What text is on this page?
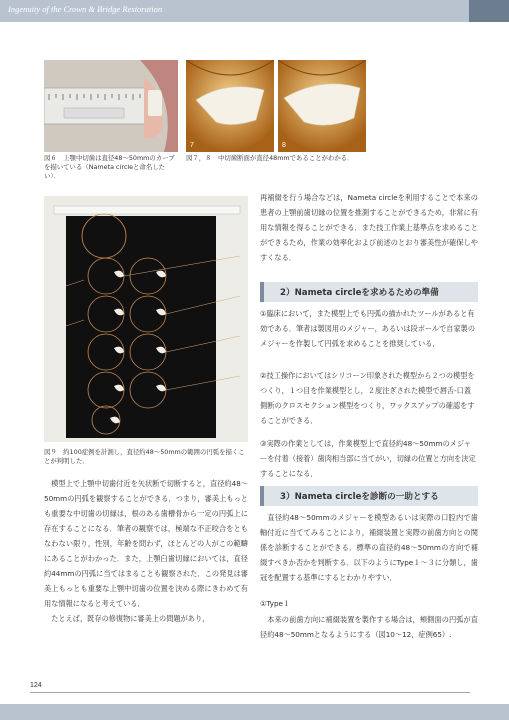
Ingenuity of the Crown & Bridge Restoration
7	8
図６　上顎中切歯は直径48～50mmのカーブを描いている（Nameta circleと命名したい）．
図７，８　中切歯断面が直径48mmであることがわかる．
図９　約100症例を計測し，直径約48～50mmの範囲の円弧を描くことが判明した．

　模型上で上顎中切歯付近を矢状断で切断すると，直径約48～50mmの円弧を観察することができる．つまり，審美上もっとも重要な中切歯の切縁は，根のある歯槽骨から一定の円弧上に存在することになる．筆者の観察では，極端な不正咬合をともなわない限り，性別，年齢を問わず，ほとんどの人がこの範疇にあることがわかった．また，上顎臼歯切縁においては，直径約44mmの円弧に当てはまることも観察された．この発見は審美上もっとも重要な上顎中切歯の位置を決める際にきわめて有用な情報になると考えている．

　たとえば，既存の修復物に審美上の問題があり，

再補綴を行う場合などは，Nameta circleを利用することで本来の患者の上顎前歯切縁の位置を推測することができるため，非常に有用な情報を得ることができる．また技工作業上基準点を求めることができるため，作業の効率化および前述のとおり審美性が確保しやすくなる．
2）Nameta circleを求めるための準備
①臨床において，また模型上でも円弧の描かれたツールがあると有効である．筆者は製図用のメジャー，あるいは段ボールで自家製のメジャーを作製して円弧を求めることを推奨している．
②技工操作においてはシリコーン印象された模型から２つの模型をつくり，１つ目を作業模型とし，２度注ぎされた模型で唇舌-口蓋側断のクロスセクション模型をつくり，ワックスアップの確認をすることができる．
③実際の作業としては，作業模型上で直径約48～50mmのメジャーを付着（接着）歯肉相当部に当てがい，切縁の位置と方向を決定することになる．
3）Nameta circleを診断の一助とする
　直径約48～50mmのメジャーを模型あるいは実際の口腔内で歯軸付近に当ててみることにより，補綴装置と実際の前歯方向との関係を診断することができる．標準の直径約48～50mmの方向で補綴すべきか否かを判断する．以下のようにType１～３に分類し，歯冠を配置する基準にするとわかりやすい．
①Type１
　本来の前歯方向に補綴装置を製作する場合は，頬側面の円弧が直径約48～50mmとなるようにする（図10～12，症例65）.
124
